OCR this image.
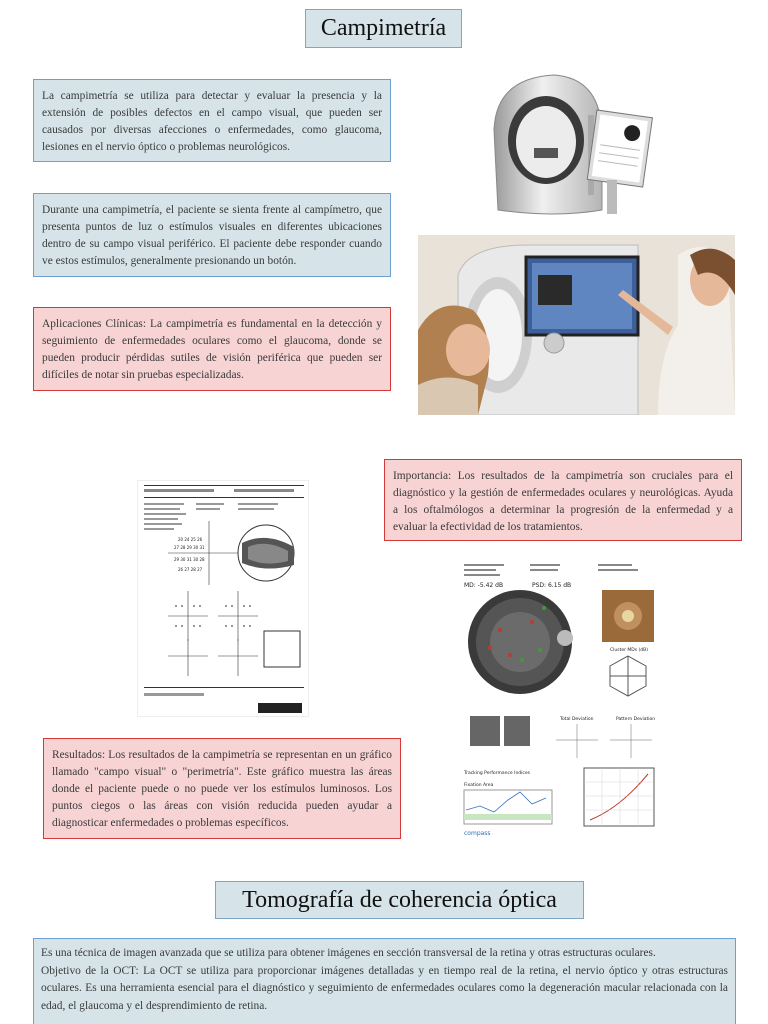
Campimetría
La campimetría se utiliza para detectar y evaluar la presencia y la extensión de posibles defectos en el campo visual, que pueden ser causados por diversas afecciones o enfermedades, como glaucoma, lesiones en el nervio óptico o problemas neurológicos.
Durante una campimetría, el paciente se sienta frente al campímetro, que presenta puntos de luz o estímulos visuales en diferentes ubicaciones dentro de su campo visual periférico. El paciente debe responder cuando ve estos estímulos, generalmente presionando un botón.
Aplicaciones Clínicas: La campimetría es fundamental en la detección y seguimiento de enfermedades oculares como el glaucoma, donde se pueden producir pérdidas sutiles de visión periférica que pueden ser difíciles de notar sin pruebas especializadas.
20 24 25 26
27 28 29 30 31
29 30 31 30 28
26 27 28 27
Importancia: Los resultados de la campimetría son cruciales para el diagnóstico y la gestión de enfermedades oculares y neurológicas. Ayuda a los oftalmólogos a determinar la progresión de la enfermedad y a evaluar la efectividad de los tratamientos.
MD: -5.42 dB	PSD: 6.15 dB
Cluster MDs (dB)
Total Deviation	Pattern Deviation
Tracking Performance Indices
Fixation Area
compass
Resultados: Los resultados de la campimetría se representan en un gráfico llamado "campo visual" o "perimetría". Este gráfico muestra las áreas donde el paciente puede o no puede ver los estímulos luminosos. Los puntos ciegos o las áreas con visión reducida pueden ayudar a diagnosticar enfermedades o problemas específicos.
Tomografía de coherencia óptica
Es una técnica de imagen avanzada que se utiliza para obtener imágenes en sección transversal de la retina y otras estructuras oculares.
Objetivo de la OCT: La OCT se utiliza para proporcionar imágenes detalladas y en tiempo real de la retina, el nervio óptico y otras estructuras oculares. Es una herramienta esencial para el diagnóstico y seguimiento de enfermedades oculares como la degeneración macular relacionada con la edad, el glaucoma y el desprendimiento de retina.
